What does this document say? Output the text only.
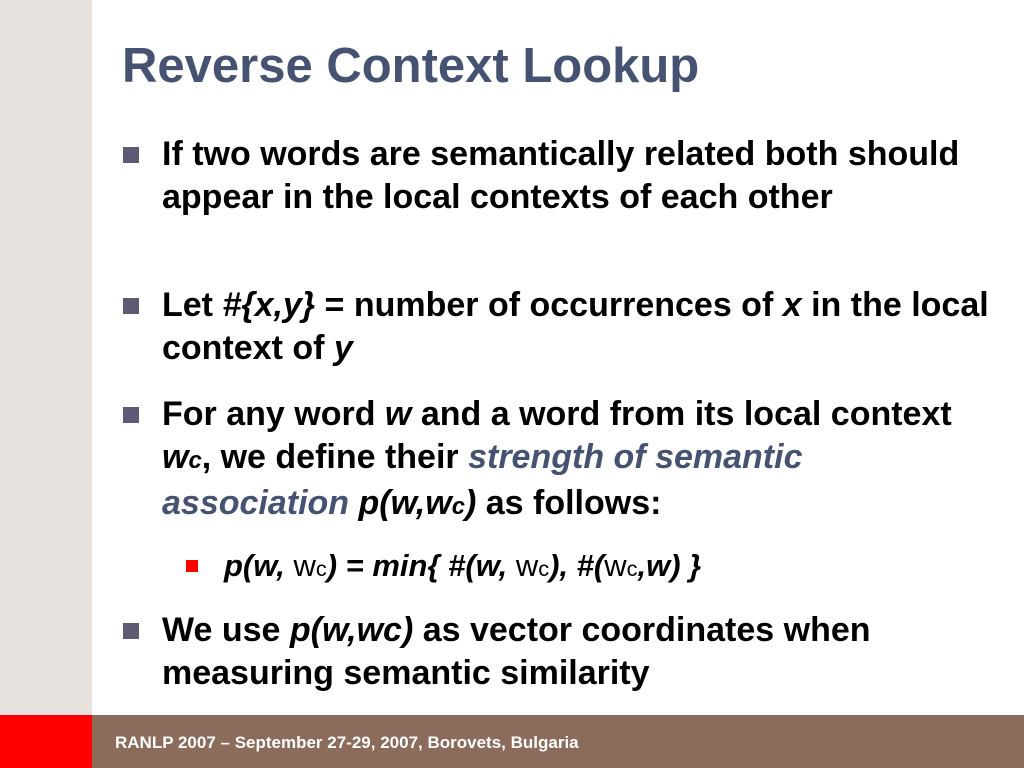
Reverse Context Lookup
If two words are semantically related both should appear in the local contexts of each other
Let #{x,y} = number of occurrences of x in the local context of y
For any word w and a word from its local context wc, we define their strength of semantic association p(w,wc) as follows:
p(w, wc) = min{ #(w, wc), #(wc,w) }
We use p(w,wc) as vector coordinates when measuring semantic similarity
RANLP 2007 – September 27-29, 2007, Borovets, Bulgaria
